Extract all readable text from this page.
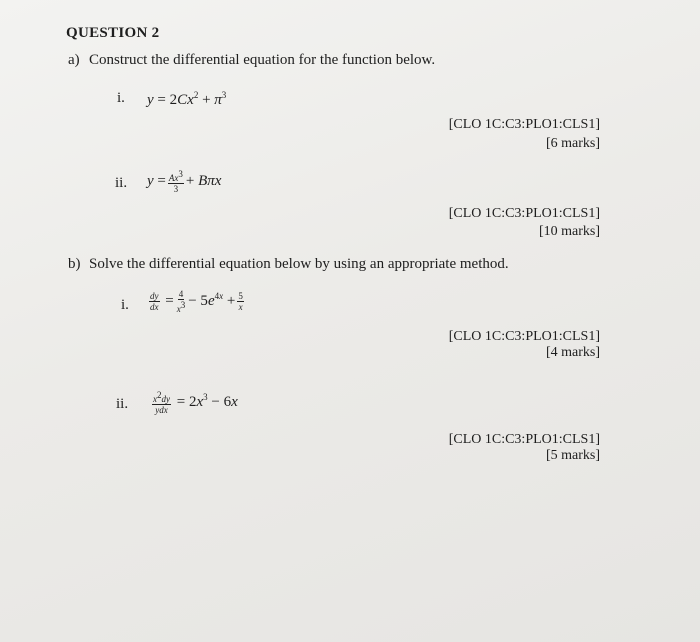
QUESTION 2
a) Construct the differential equation for the function below.
i. $y = 2Cx^2 + \pi^3$
[CLO 1C:C3:PLO1:CLS1]
[6 marks]
ii. $y = \frac{Ax^3}{3} + B\pi x$
[CLO 1C:C3:PLO1:CLS1]
[10 marks]
b) Solve the differential equation below by using an appropriate method.
i. $\frac{dy}{dx} = \frac{4}{x^3} - 5e^{4x} + \frac{5}{x}$
[CLO 1C:C3:PLO1:CLS1]
[4 marks]
ii.	$\frac{x^2dy}{\text{ydx}} = 2x^3 - 6x$
[CLO 1C:C3:PLO1:CLS1]
[5 marks]
